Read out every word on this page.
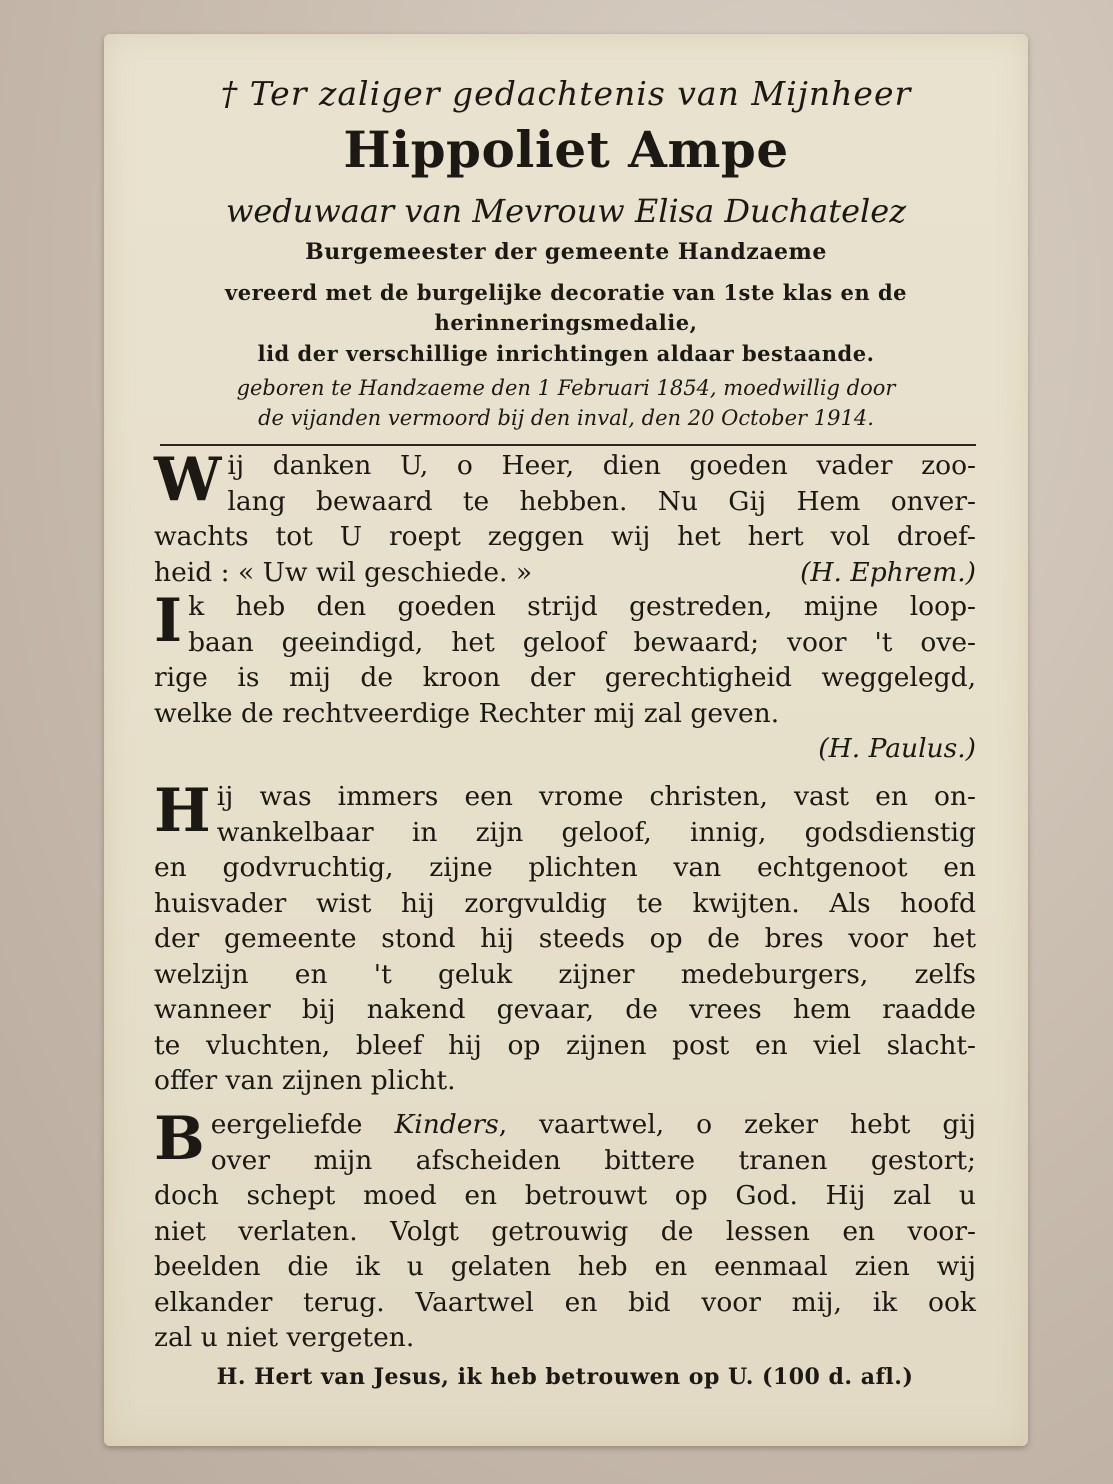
† Ter zaliger gedachtenis van Mijnheer
Hippoliet Ampe
weduwaar van Mevrouw Elisa Duchatelez
Burgemeester der gemeente Handzaeme
vereerd met de burgelijke decoratie van 1ste klas en de
herinneringsmedalie,
lid der verschillige inrichtingen aldaar bestaande.
geboren te Handzaeme den 1 Februari 1854, moedwillig door
de vijanden vermoord bij den inval, den 20 October 1914.
W ij danken U, o Heer, dien goeden vader zoo-
lang bewaard te hebben. Nu Gij Hem onver-
wachts tot U roept zeggen wij het hert vol droef-
heid : « Uw wil geschiede. »	(H. Ephrem.)
I k heb den goeden strijd gestreden, mijne loop-
baan geeindigd, het geloof bewaard; voor 't ove-
rige is mij de kroon der gerechtigheid weggelegd,
welke de rechtveerdige Rechter mij zal geven.
(H. Paulus.)
H ij was immers een vrome christen, vast en on-
wankelbaar in zijn geloof, innig, godsdienstig
en godvruchtig, zijne plichten van echtgenoot en
huisvader wist hij zorgvuldig te kwijten. Als hoofd
der gemeente stond hij steeds op de bres voor het
welzijn en 't geluk zijner medeburgers, zelfs
wanneer bij nakend gevaar, de vrees hem raadde
te vluchten, bleef hij op zijnen post en viel slacht-
offer van zijnen plicht.
B eergeliefde Kinders, vaartwel, o zeker hebt gij
over mijn afscheiden bittere tranen gestort;
doch schept moed en betrouwt op God. Hij zal u
niet verlaten. Volgt getrouwig de lessen en voor-
beelden die ik u gelaten heb en eenmaal zien wij
elkander terug. Vaartwel en bid voor mij, ik ook
zal u niet vergeten.
H. Hert van Jesus, ik heb betrouwen op U. (100 d. afl.)
